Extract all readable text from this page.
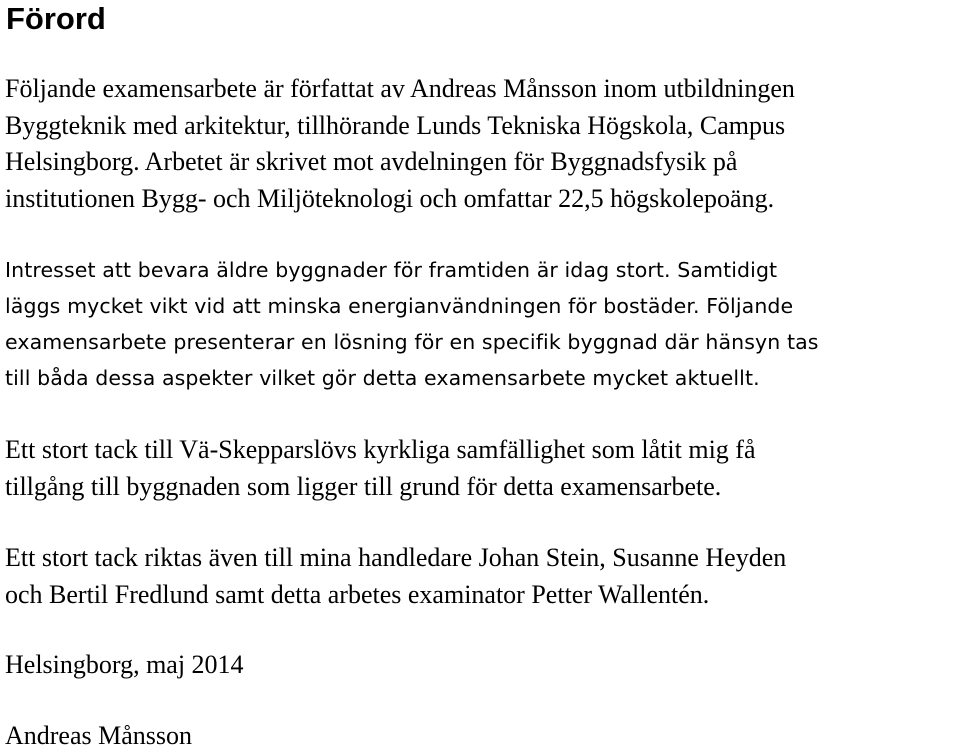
Förord

Följande examensarbete är författat av Andreas Månsson inom utbildningen
Byggteknik med arkitektur, tillhörande Lunds Tekniska Högskola, Campus
Helsingborg. Arbetet är skrivet mot avdelningen för Byggnadsfysik på
institutionen Bygg- och Miljöteknologi och omfattar 22,5 högskolepoäng.

Intresset att bevara äldre byggnader för framtiden är idag stort. Samtidigt
läggs mycket vikt vid att minska energianvändningen för bostäder. Följande
examensarbete presenterar en lösning för en specifik byggnad där hänsyn tas
till båda dessa aspekter vilket gör detta examensarbete mycket aktuellt.

Ett stort tack till Vä-Skepparslövs kyrkliga samfällighet som låtit mig få
tillgång till byggnaden som ligger till grund för detta examensarbete.

Ett stort tack riktas även till mina handledare Johan Stein, Susanne Heyden
och Bertil Fredlund samt detta arbetes examinator Petter Wallentén.

Helsingborg, maj 2014

Andreas Månsson
